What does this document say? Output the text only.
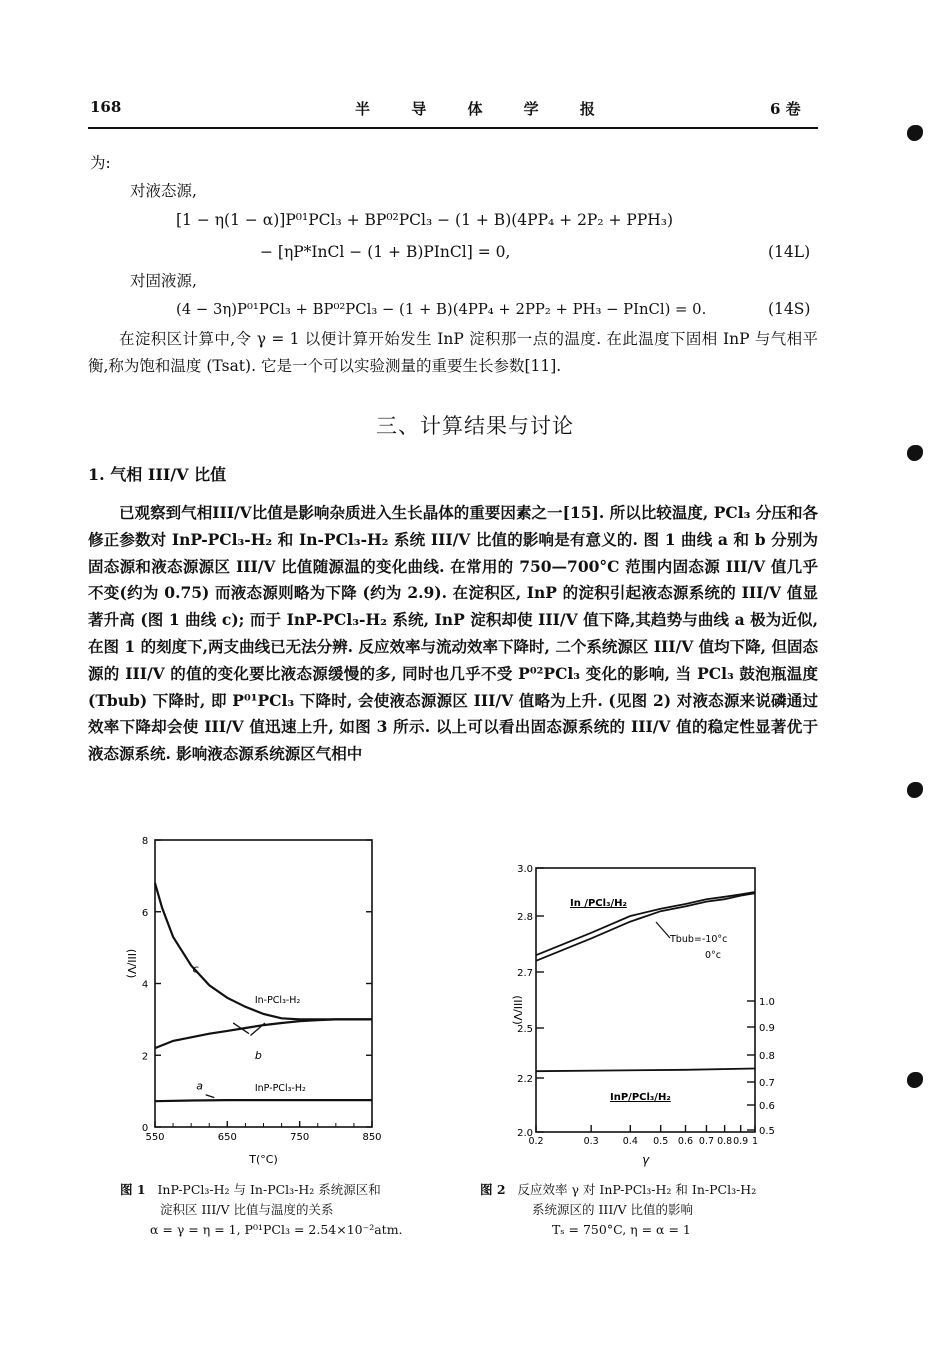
168	半 导 体 学 报	6 卷
为:
对液态源,
[1 − η(1 − α)]P⁰¹PCl₃ + BP⁰²PCl₃ − (1 + B)(4PP₄ + 2P₂ + PPH₃)
− [ηP*InCl − (1 + B)PInCl] = 0,	(14L)
对固液源,
(4 − 3η)P⁰¹PCl₃ + BP⁰²PCl₃ − (1 + B)(4PP₄ + 2PP₂ + PH₃ − PInCl) = 0.	(14S)

在淀积区计算中,令 γ = 1 以便计算开始发生 InP 淀积那一点的温度. 在此温度下固相 InP 与气相平衡,称为饱和温度 (Tsat). 它是一个可以实验测量的重要生长参数[11].

三、计算结果与讨论
1. 气相 III/V 比值

已观察到气相III/V比值是影响杂质进入生长晶体的重要因素之一[15]. 所以比较温度, PCl₃ 分压和各修正参数对 InP-PCl₃-H₂ 和 In-PCl₃-H₂ 系统 III/V 比值的影响是有意义的. 图 1 曲线 a 和 b 分别为固态源和液态源源区 III/V 比值随源温的变化曲线. 在常用的 750—700°C 范围内固态源 III/V 值几乎不变(约为 0.75) 而液态源则略为下降 (约为 2.9). 在淀积区, InP 的淀积引起液态源系统的 III/V 值显著升高 (图 1 曲线 c); 而于 InP-PCl₃-H₂ 系统, InP 淀积却使 III/V 值下降,其趋势与曲线 a 极为近似,在图 1 的刻度下,两支曲线已无法分辨. 反应效率与流动效率下降时, 二个系统源区 III/V 值均下降, 但固态源的 III/V 的值的变化要比液态源缓慢的多, 同时也几乎不受 P⁰²PCl₃ 变化的影响, 当 PCl₃ 鼓泡瓶温度 (Tbub) 下降时, 即 P⁰¹PCl₃ 下降时, 会使液态源源区 III/V 值略为上升. (见图 2) 对液态源来说磷通过效率下降却会使 III/V 值迅速上升, 如图 3 所示. 以上可以看出固态源系统的 III/V 值的稳定性显著优于液态源系统. 影响液态源系统源区气相中

0
2
4
6
8
550	650	750	850
T(°C)
(III/V)	c
b
a
In-PCl₃-H₂
InP-PCl₃-H₂
2.0
2.2
2.5
2.7
2.8
3.0
0.5
0.6
0.7
0.8
0.9
1.0
0.2	0.3	0.4 0.5 0.6 0.7 0.8 0.9 1
γ
(III/V)
In /PCl₃/H₂
Tbub=-10°c
0°c
InP/PCl₃/H₂
图 1 InP-PCl₃-H₂ 与 In-PCl₃-H₂ 系统源区和
淀积区 III/V 比值与温度的关系
α = γ = η = 1, P⁰¹PCl₃ = 2.54×10⁻²atm.
图 2 反应效率 γ 对 InP-PCl₃-H₂ 和 In-PCl₃-H₂
系统源区的 III/V 比值的影响
Tₛ = 750°C, η = α = 1
